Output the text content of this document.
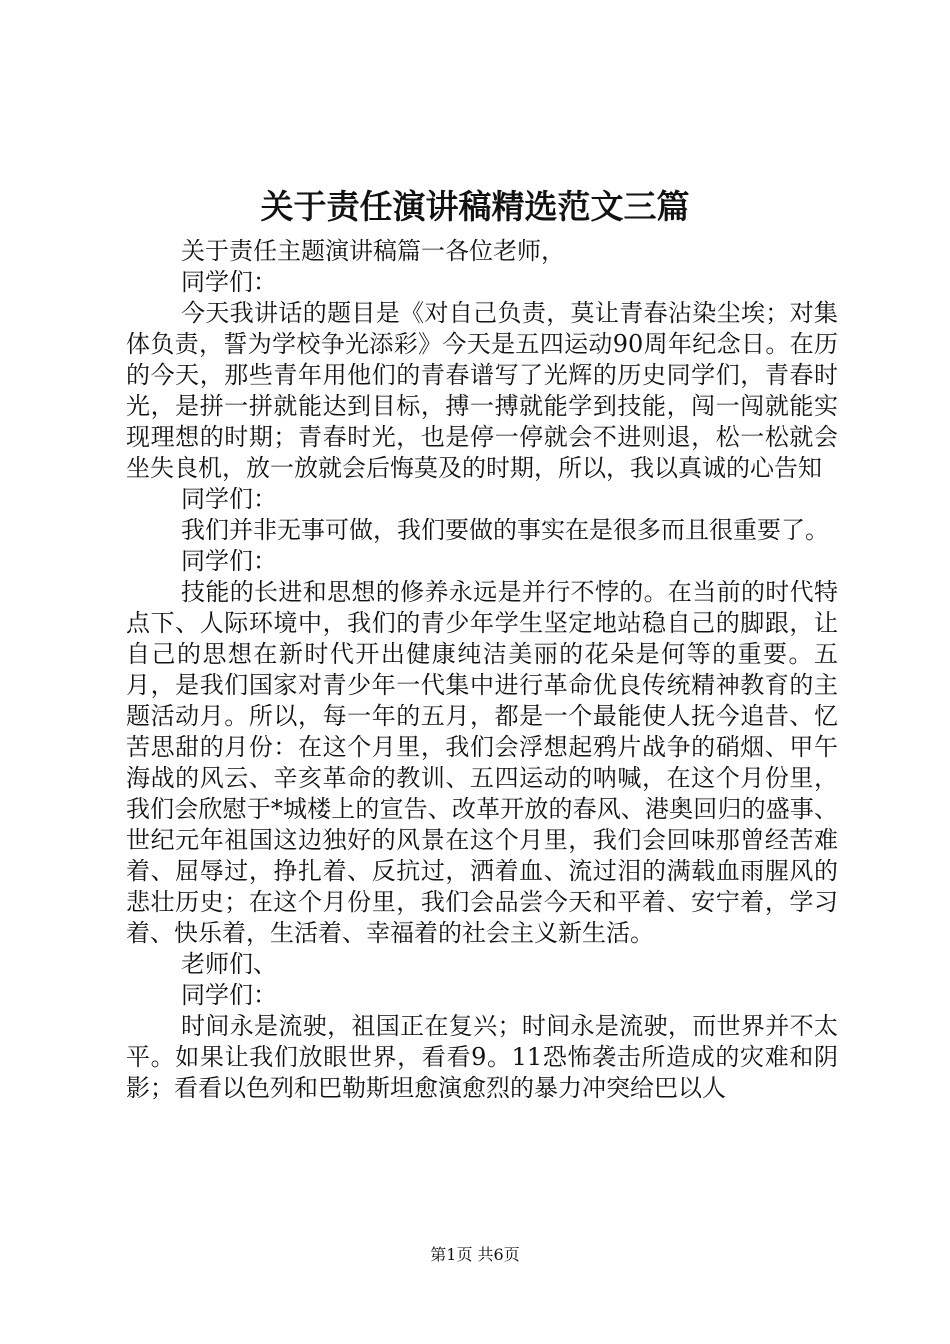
关于责任演讲稿精选范文三篇

关于责任主题演讲稿篇一各位老师，

同学们：

今天我讲话的题目是《对自己负责，莫让青春沾染尘埃；对集体负责，誓为学校争光添彩》今天是五四运动90周年纪念日。在历的今天，那些青年用他们的青春谱写了光辉的历史同学们，青春时光，是拼一拼就能达到目标，搏一搏就能学到技能，闯一闯就能实现理想的时期；青春时光，也是停一停就会不进则退，松一松就会坐失良机，放一放就会后悔莫及的时期，所以，我以真诚的心告知

同学们：

我们并非无事可做，我们要做的事实在是很多而且很重要了。

同学们：

技能的长进和思想的修养永远是并行不悖的。在当前的时代特点下、人际环境中，我们的青少年学生坚定地站稳自己的脚跟，让自己的思想在新时代开出健康纯洁美丽的花朵是何等的重要。五月，是我们国家对青少年一代集中进行革命优良传统精神教育的主题活动月。所以，每一年的五月，都是一个最能使人抚今追昔、忆苦思甜的月份：在这个月里，我们会浮想起鸦片战争的硝烟、甲午海战的风云、辛亥革命的教训、五四运动的呐喊，在这个月份里，我们会欣慰于*城楼上的宣告、改革开放的春风、港奥回归的盛事、世纪元年祖国这边独好的风景在这个月里，我们会回味那曾经苦难着、屈辱过，挣扎着、反抗过，洒着血、流过泪的满载血雨腥风的悲壮历史；在这个月份里，我们会品尝今天和平着、安宁着，学习着、快乐着，生活着、幸福着的社会主义新生活。

老师们、

同学们：

时间永是流驶，祖国正在复兴；时间永是流驶，而世界并不太平。如果让我们放眼世界，看看9。11恐怖袭击所造成的灾难和阴影；看看以色列和巴勒斯坦愈演愈烈的暴力冲突给巴以人

第1页 共6页
